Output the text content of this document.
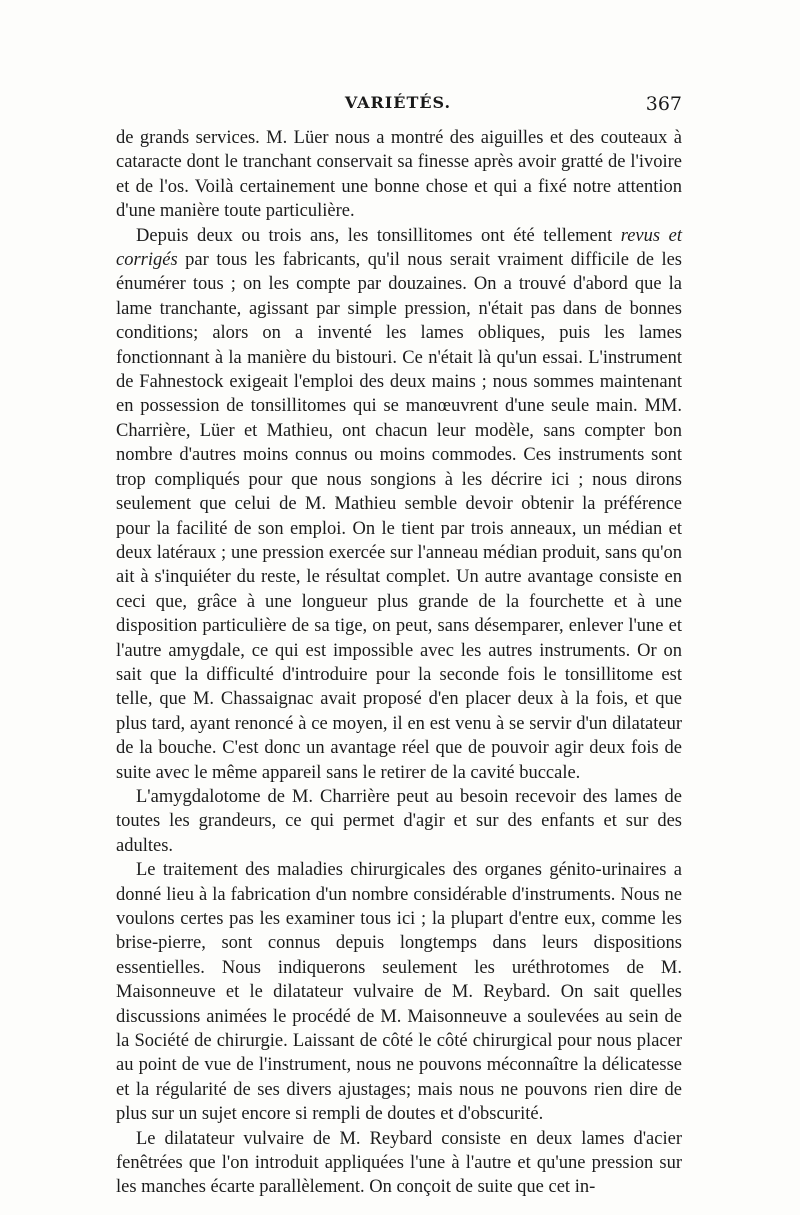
VARIÉTÉS.	367

de grands services. M. Lüer nous a montré des aiguilles et des couteaux à cataracte dont le tranchant conservait sa finesse après avoir gratté de l'ivoire et de l'os. Voilà certainement une bonne chose et qui a fixé notre attention d'une manière toute particulière.

Depuis deux ou trois ans, les tonsillitomes ont été tellement revus et corrigés par tous les fabricants, qu'il nous serait vraiment difficile de les énumérer tous ; on les compte par douzaines. On a trouvé d'abord que la lame tranchante, agissant par simple pression, n'était pas dans de bonnes conditions; alors on a inventé les lames obliques, puis les lames fonctionnant à la manière du bistouri. Ce n'était là qu'un essai. L'instrument de Fahnestock exigeait l'emploi des deux mains ; nous sommes maintenant en possession de tonsillitomes qui se manœuvrent d'une seule main. MM. Charrière, Lüer et Mathieu, ont chacun leur modèle, sans compter bon nombre d'autres moins connus ou moins commodes. Ces instruments sont trop compliqués pour que nous songions à les décrire ici ; nous dirons seulement que celui de M. Mathieu semble devoir obtenir la préférence pour la facilité de son emploi. On le tient par trois anneaux, un médian et deux latéraux ; une pression exercée sur l'anneau médian produit, sans qu'on ait à s'inquiéter du reste, le résultat complet. Un autre avantage consiste en ceci que, grâce à une longueur plus grande de la fourchette et à une disposition particulière de sa tige, on peut, sans désemparer, enlever l'une et l'autre amygdale, ce qui est impossible avec les autres instruments. Or on sait que la difficulté d'introduire pour la seconde fois le tonsillitome est telle, que M. Chassaignac avait proposé d'en placer deux à la fois, et que plus tard, ayant renoncé à ce moyen, il en est venu à se servir d'un dilatateur de la bouche. C'est donc un avantage réel que de pouvoir agir deux fois de suite avec le même appareil sans le retirer de la cavité buccale.

L'amygdalotome de M. Charrière peut au besoin recevoir des lames de toutes les grandeurs, ce qui permet d'agir et sur des enfants et sur des adultes.

Le traitement des maladies chirurgicales des organes génito-urinaires a donné lieu à la fabrication d'un nombre considérable d'instruments. Nous ne voulons certes pas les examiner tous ici ; la plupart d'entre eux, comme les brise-pierre, sont connus depuis longtemps dans leurs dispositions essentielles. Nous indiquerons seulement les uréthrotomes de M. Maisonneuve et le dilatateur vulvaire de M. Reybard. On sait quelles discussions animées le procédé de M. Maisonneuve a soulevées au sein de la Société de chirurgie. Laissant de côté le côté chirurgical pour nous placer au point de vue de l'instrument, nous ne pouvons méconnaître la délicatesse et la régularité de ses divers ajustages; mais nous ne pouvons rien dire de plus sur un sujet encore si rempli de doutes et d'obscurité.

Le dilatateur vulvaire de M. Reybard consiste en deux lames d'acier fenêtrées que l'on introduit appliquées l'une à l'autre et qu'une pression sur les manches écarte parallèlement. On conçoit de suite que cet in-
